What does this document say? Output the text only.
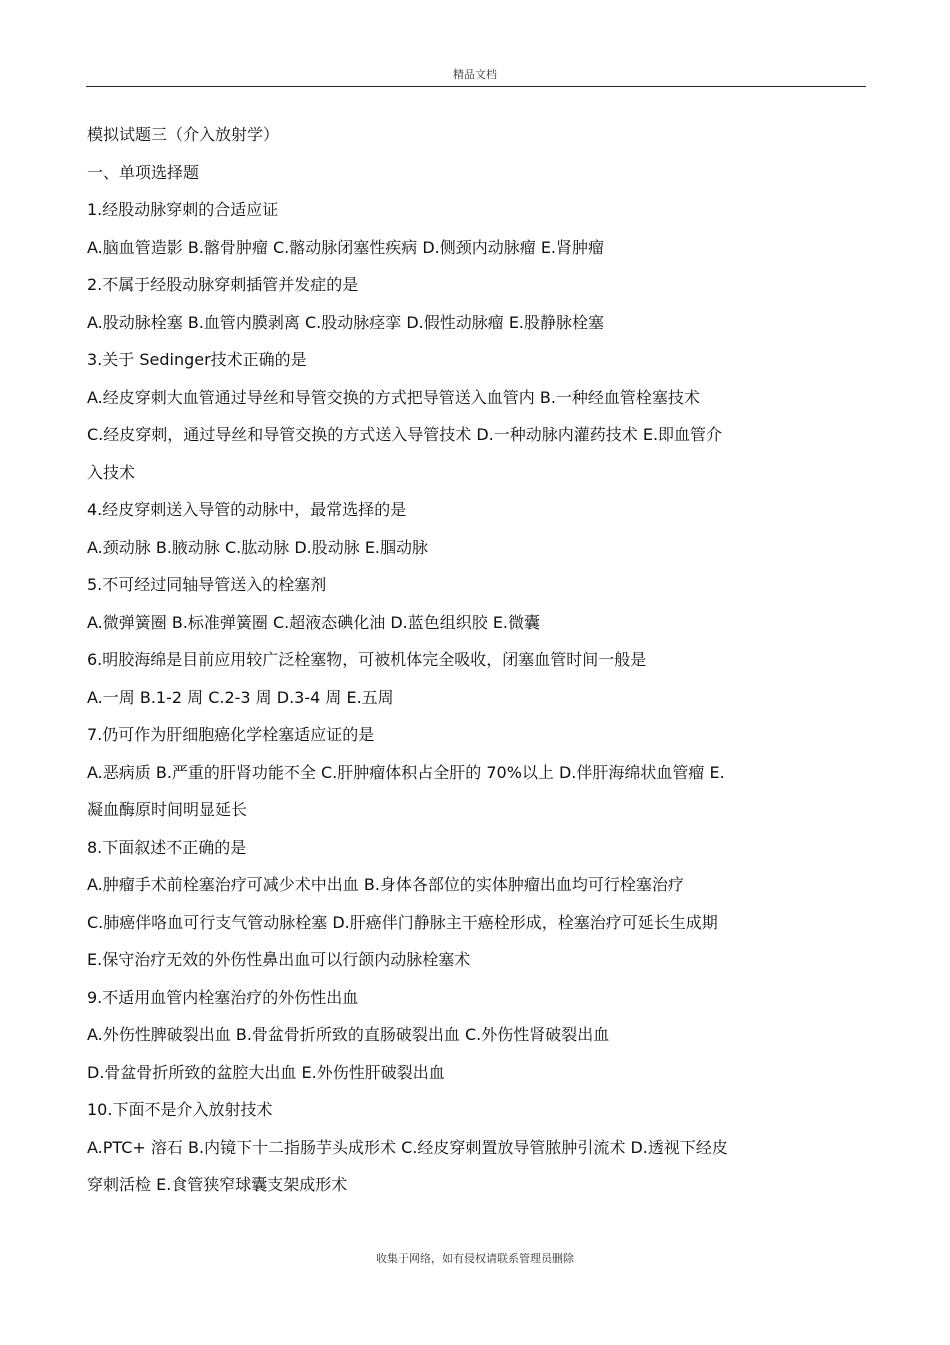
精品文档

模拟试题三（介入放射学）

一、单项选择题

1.经股动脉穿刺的合适应证

A.脑血管造影 B.髂骨肿瘤 C.髂动脉闭塞性疾病 D.侧颈内动脉瘤 E.肾肿瘤

2.不属于经股动脉穿刺插管并发症的是

A.股动脉栓塞 B.血管内膜剥离 C.股动脉痉挛 D.假性动脉瘤 E.股静脉栓塞

3.关于 Sedinger技术正确的是

A.经皮穿刺大血管通过导丝和导管交换的方式把导管送入血管内 B.一种经血管栓塞技术

C.经皮穿刺，通过导丝和导管交换的方式送入导管技术 D.一种动脉内灌药技术 E.即血管介

入技术

4.经皮穿刺送入导管的动脉中，最常选择的是

A.颈动脉 B.腋动脉 C.肱动脉 D.股动脉 E.腘动脉

5.不可经过同轴导管送入的栓塞剂

A.微弹簧圈 B.标准弹簧圈 C.超液态碘化油 D.蓝色组织胶 E.微囊

6.明胶海绵是目前应用较广泛栓塞物，可被机体完全吸收，闭塞血管时间一般是

A.一周 B.1-2 周 C.2-3 周 D.3-4 周 E.五周

7.仍可作为肝细胞癌化学栓塞适应证的是

A.恶病质 B.严重的肝肾功能不全 C.肝肿瘤体积占全肝的 70%以上 D.伴肝海绵状血管瘤 E.

凝血酶原时间明显延长

8.下面叙述不正确的是

A.肿瘤手术前栓塞治疗可减少术中出血 B.身体各部位的实体肿瘤出血均可行栓塞治疗

C.肺癌伴咯血可行支气管动脉栓塞 D.肝癌伴门静脉主干癌栓形成，栓塞治疗可延长生成期

E.保守治疗无效的外伤性鼻出血可以行颌内动脉栓塞术

9.不适用血管内栓塞治疗的外伤性出血

A.外伤性脾破裂出血 B.骨盆骨折所致的直肠破裂出血 C.外伤性肾破裂出血

D.骨盆骨折所致的盆腔大出血 E.外伤性肝破裂出血

10.下面不是介入放射技术

A.PTC+ 溶石 B.内镜下十二指肠芋头成形术 C.经皮穿刺置放导管脓肿引流术 D.透视下经皮

穿刺活检 E.食管狭窄球囊支架成形术

收集于网络，如有侵权请联系管理员删除
